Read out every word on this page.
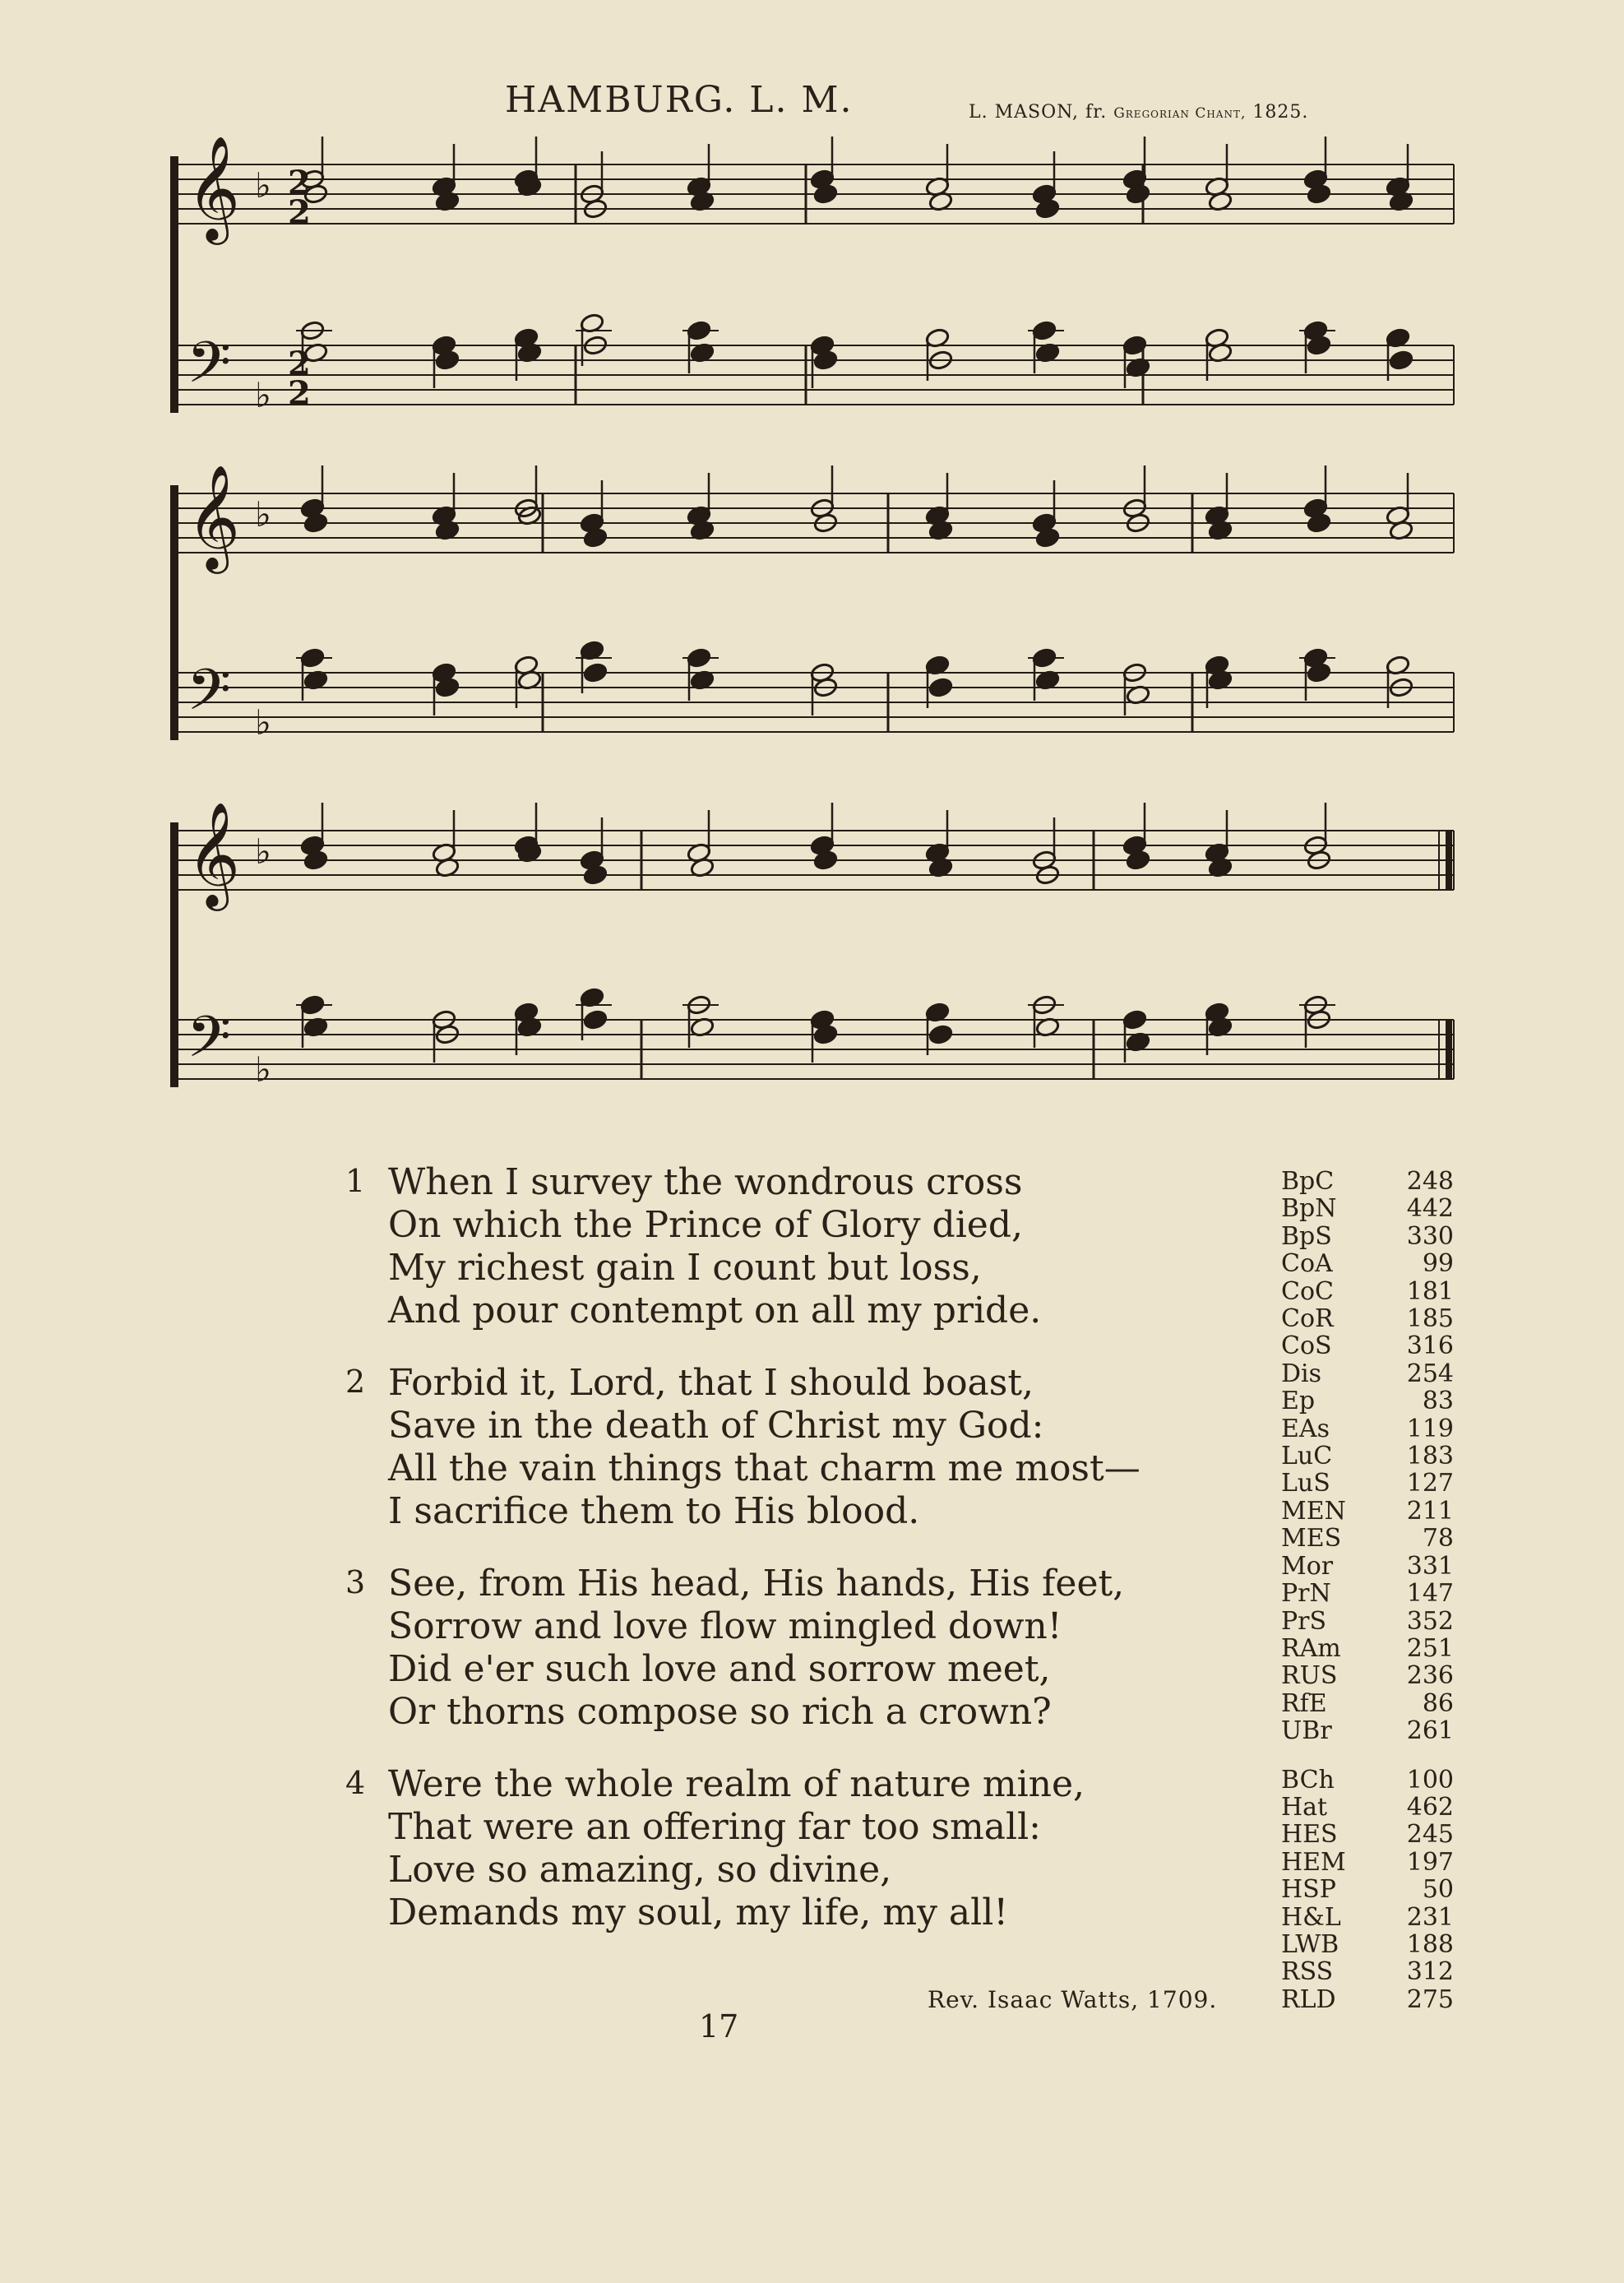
HAMBURG. L. M.	L. MASON, fr. Gregorian Chant, 1825.
𝄞 ♭ 2
2
𝄢 ♭
2
2
𝄞 ♭
𝄢 ♭
𝄞 ♭
𝄢 ♭
1 When I survey the wondrous cross
On which the Prince of Glory died,
My richest gain I count but loss,
And pour contempt on all my pride.
2 Forbid it, Lord, that I should boast,
Save in the death of Christ my God:
All the vain things that charm me most—
I sacrifice them to His blood.
3 See, from His head, His hands, His feet,
Sorrow and love flow mingled down!
Did e'er such love and sorrow meet,
Or thorns compose so rich a crown?
4 Were the whole realm of nature mine,
That were an offering far too small:
Love so amazing, so divine,
Demands my soul, my life, my all!
BpC	248
BpN	442
BpS	330
CoA	99
CoC	181
CoR	185
CoS	316
Dis	254
Ep	83
EAs	119
LuC	183
LuS	127
MEN 211
MES	78
Mor	331
PrN	147
PrS	352
RAm	251
RUS	236
RfE	86
UBr	261
BCh	100
Hat	462
HES	245
HEM 197
HSP	50
H&L	231
LWB	188
RSS	312
RLD	275
Rev. Isaac Watts, 1709.
17
